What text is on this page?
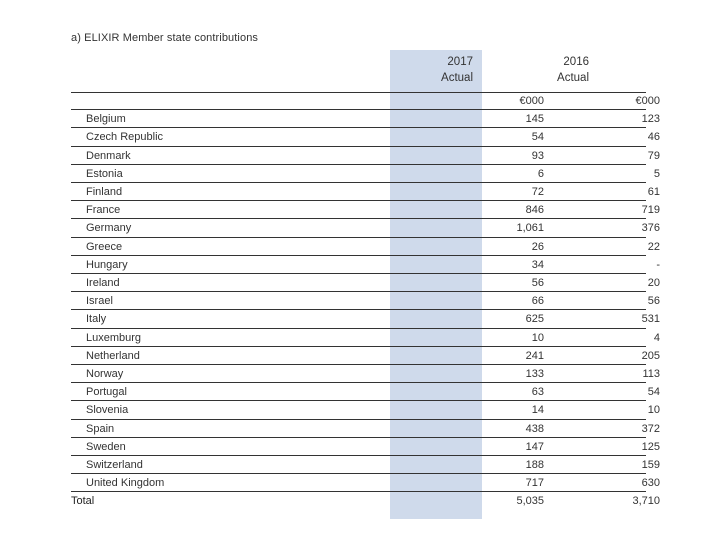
a) ELIXIR Member state contributions
2017
Actual
2016
Actual
€000	€000
Belgium	145	123
Czech Republic	54	46
Denmark	93	79
Estonia	6	5
Finland	72	61
France	846	719
Germany	1,061	376
Greece	26	22
Hungary	34	-
Ireland	56	20
Israel	66	56
Italy	625	531
Luxemburg	10	4
Netherland	241	205
Norway	133	113
Portugal	63	54
Slovenia	14	10
Spain	438	372
Sweden	147	125
Switzerland	188	159
United Kingdom	717	630
Total	5,035	3,710
